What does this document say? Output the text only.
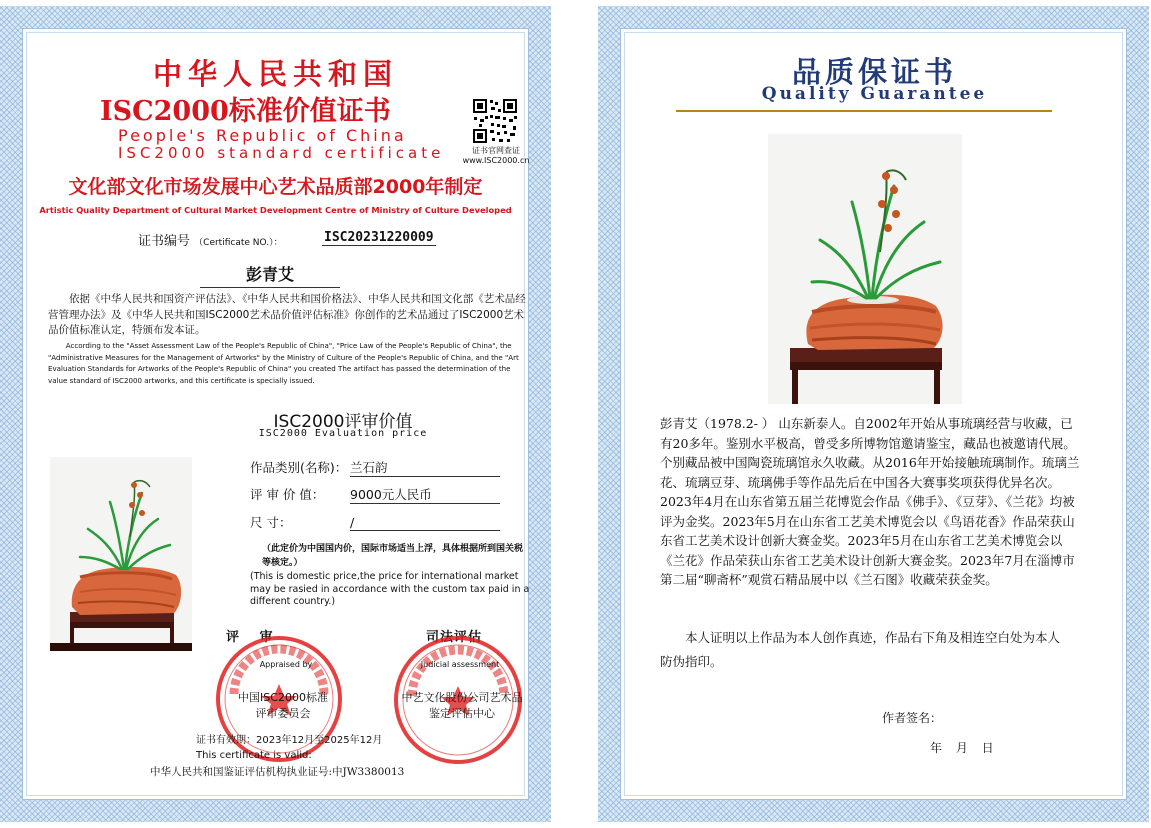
中华人民共和国
ISC2000标准价值证书
People's Republic of China
ISC2000 standard certificate	证书官网查证
www.ISC2000.cn
文化部文化市场发展中心艺术品质部2000年制定
Artistic Quality Department of Cultural Market Development Centre of Ministry of Culture Developed
证书编号 （Certificate NO.）：	ISC20231220009
彭青艾
依据《中华人民共和国资产评估法》、《中华人民共和国价格法》、中华人民共和国文化部《艺术品经营管理办法》及《中华人民共和国ISC2000艺术品价值评估标准》你创作的艺术品通过了ISC2000艺术品价值标准认定，特颁布发本证。
According to the "Asset Assessment Law of the People's Republic of China", "Price Law of the People's Republic of China", the "Administrative Measures for the Management of Artworks" by the Ministry of Culture of the People's Republic of China, and the "Art Evaluation Standards for Artworks of the People's Republic of China" you created The artifact has passed the determination of the value standard of ISC2000 artworks, and this certificate is specially issued.
ISC2000评审价值
ISC2000 Evaluation price
作品类别(名称)： 兰石韵
评 审 价 值： 9000元人民币
尺 寸：	/
（此定价为中国国内价，国际市场适当上浮，具体根据所到国关税等核定。）
(This is domestic price,the price for international market may be rasied in accordance with the custom tax paid in a different country.)
评 审	司法评估
Appraised by
中国ISC2000标准
评审委员会
Judicial assessment
中艺文化股份公司艺术品
鉴定评估中心
证书有效期：2023年12月至2025年12月
This certificate is valid:
中华人民共和国鉴证评估机构执业证号:中JW3380013
品质保证书
Quality Guarantee
彭青艾（1978.2- ） 山东新泰人。自2002年开始从事琉璃经营与收藏，已有20多年。鉴别水平极高，曾受多所博物馆邀请鉴宝，藏品也被邀请代展。个别藏品被中国陶瓷琉璃馆永久收藏。从2016年开始接触琉璃制作。琉璃兰花、琉璃豆芽、琉璃佛手等作品先后在中国各大赛事奖项获得优异名次。2023年4月在山东省第五届兰花博览会作品《佛手》、《豆芽》、《兰花》均被评为金奖。2023年5月在山东省工艺美术博览会以《鸟语花香》作品荣获山东省工艺美术设计创新大赛金奖。2023年5月在山东省工艺美术博览会以《兰花》作品荣获山东省工艺美术设计创新大赛金奖。2023年7月在淄博市第二届“聊斋杯”观赏石精品展中以《兰石图》收藏荣获金奖。
本人证明以上作品为本人创作真迹，作品右下角及相连空白处为本人防伪指印。
作者签名：
年 月 日
